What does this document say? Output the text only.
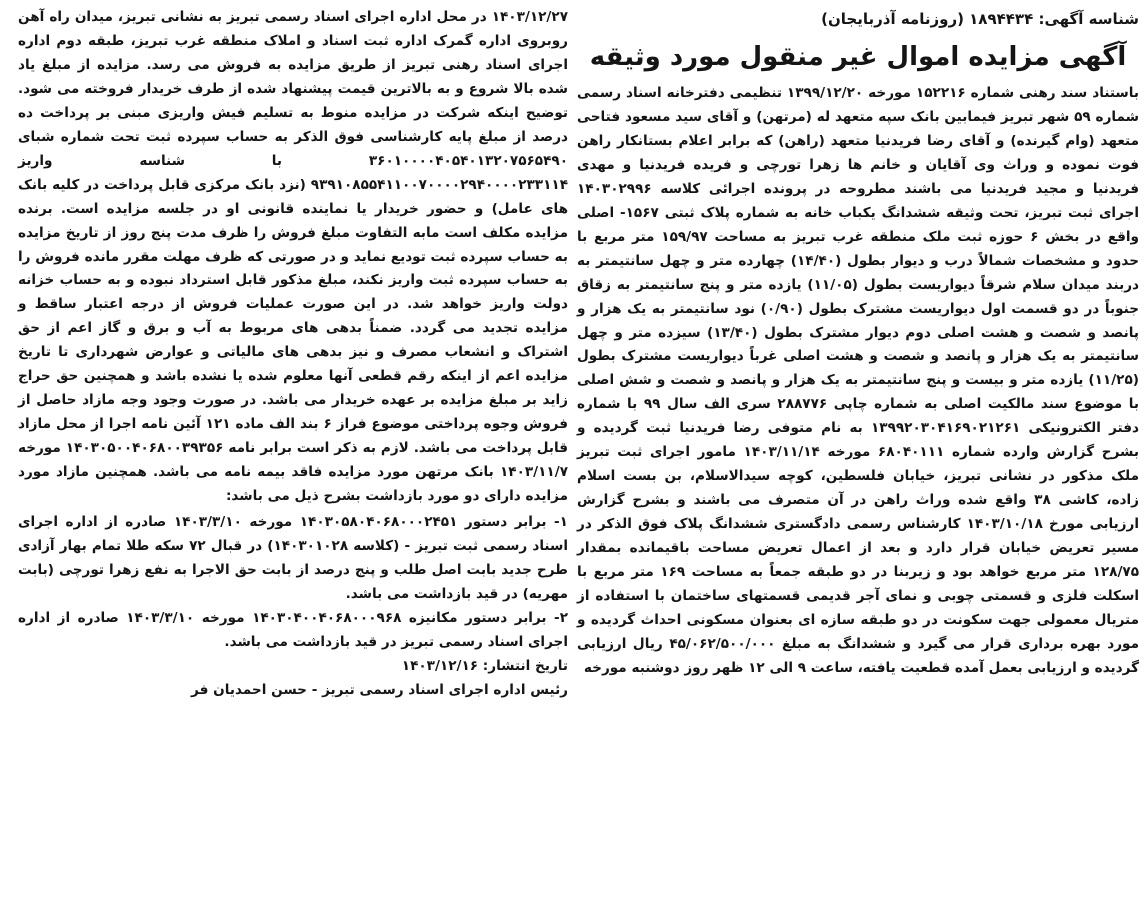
شناسه آگهی: ۱۸۹۴۴۳۴ (روزنامه آذربایجان)

آگهی مزایده اموال غیر منقول مورد وثیقه

باستناد سند رهنی شماره ۱۵۲۲۱۶ مورخه ۱۳۹۹/۱۲/۲۰ تنظیمی دفترخانه اسناد رسمی شماره ۵۹ شهر تبریز فیمابین بانک سپه متعهد له (مرتهن) و آقای سید مسعود فتاحی متعهد (وام گیرنده) و آقای رضا فریدنیا متعهد (راهن) که برابر اعلام بستانکار راهن فوت نموده و وراث وی آقایان و خانم ها زهرا تورچی و فریده فریدنیا و مهدی فریدنیا و مجید فریدنیا می باشند مطروحه در پرونده اجرائی کلاسه ۱۴۰۳۰۲۹۹۶ اجرای ثبت تبریز، تحت وثیقه ششدانگ یکباب خانه به شماره پلاک ثبتی ۱۵۶۷- اصلی واقع در بخش ۶ حوزه ثبت ملک منطقه غرب تبریز به مساحت ۱۵۹/۹۷ متر مربع با حدود و مشخصات شمالاً درب و دیوار بطول (۱۴/۴۰) چهارده متر و چهل سانتیمتر به دربند میدان سلام شرقاً دیواریست بطول (۱۱/۰۵) یازده متر و پنج سانتیمتر به زقاق جنوباً در دو قسمت اول دیواریست مشترک بطول (۰/۹۰) نود سانتیمتر به یک هزار و پانصد و شصت و هشت اصلی دوم دیوار مشترک بطول (۱۳/۴۰) سیزده متر و چهل سانتیمتر به یک هزار و پانصد و شصت و هشت اصلی غرباً دیواریست مشترک بطول (۱۱/۲۵) یازده متر و بیست و پنج سانتیمتر به یک هزار و پانصد و شصت و شش اصلی با موضوع سند مالکیت اصلی به شماره چاپی ۲۸۸۷۷۶ سری الف سال ۹۹ با شماره دفتر الکترونیکی ۱۳۹۹۲۰۳۰۴۱۶۹۰۲۱۲۶۱ به نام متوفی رضا فریدنیا ثبت گردیده و بشرح گزارش وارده شماره ۶۸۰۴۰۱۱۱ مورخه ۱۴۰۳/۱۱/۱۴ مامور اجرای ثبت تبریز ملک مذکور در نشانی تبریز، خیابان فلسطین، کوچه سیدالاسلام، بن بست اسلام زاده، کاشی ۳۸ واقع شده وراث راهن در آن متصرف می باشند و بشرح گزارش ارزیابی مورخ ۱۴۰۳/۱۰/۱۸ کارشناس رسمی دادگستری ششدانگ پلاک فوق الذکر در مسیر تعریض خیابان قرار دارد و بعد از اعمال تعریض مساحت باقیمانده بمقدار ۱۲۸/۷۵ متر مربع خواهد بود و زیربنا در دو طبقه جمعاً به مساحت ۱۶۹ متر مربع با اسکلت فلزی و قسمتی چوبی و نمای آجر قدیمی قسمتهای ساختمان با استفاده از متریال معمولی جهت سکونت در دو طبقه سازه ای بعنوان مسکونی احداث گردیده و مورد بهره برداری قرار می گیرد و ششدانگ به مبلغ ۴۵/۰۶۲/۵۰۰/۰۰۰ ریال ارزیابی گردیده و ارزیابی بعمل آمده قطعیت یافته، ساعت ۹ الی ۱۲ ظهر روز دوشنبه مورخه

۱۴۰۳/۱۲/۲۷ در محل اداره اجرای اسناد رسمی تبریز به نشانی تبریز، میدان راه آهن روبروی اداره گمرک اداره ثبت اسناد و املاک منطقه غرب تبریز، طبقه دوم اداره اجرای اسناد رهنی تبریز از طریق مزایده به فروش می رسد. مزایده از مبلغ یاد شده بالا شروع و به بالاترین قیمت پیشنهاد شده از طرف خریدار فروخته می شود. توضیح اینکه شرکت در مزایده منوط به تسلیم فیش واریزی مبنی بر پرداخت ده درصد از مبلغ پایه کارشناسی فوق الذکر به حساب سپرده ثبت تحت شماره شبای ۳۶۰۱۰۰۰۰۴۰۵۴۰۱۳۲۰۷۵۶۵۴۹۰ با شناسه واریز ۹۳۹۱۰۸۵۵۴۱۱۰۰۷۰۰۰۰۲۹۴۰۰۰۰۲۳۳۱۱۴ (نزد بانک مرکزی قابل پرداخت در کلیه بانک های عامل) و حضور خریدار یا نماینده قانونی او در جلسه مزایده است. برنده مزایده مکلف است مابه التفاوت مبلغ فروش را ظرف مدت پنج روز از تاریخ مزایده به حساب سپرده ثبت تودیع نماید و در صورتی که ظرف مهلت مقرر مانده فروش را به حساب سپرده ثبت واریز نکند، مبلغ مذکور قابل استرداد نبوده و به حساب خزانه دولت واریز خواهد شد. در این صورت عملیات فروش از درجه اعتبار ساقط و مزایده تجدید می گردد. ضمناً بدهی های مربوط به آب و برق و گاز اعم از حق اشتراک و انشعاب مصرف و نیز بدهی های مالیاتی و عوارض شهرداری تا تاریخ مزایده اعم از اینکه رقم قطعی آنها معلوم شده یا نشده باشد و همچنین حق حراج زاید بر مبلغ مزایده بر عهده خریدار می باشد. در صورت وجود وجه مازاد حاصل از فروش وجوه پرداختی موضوع فراز ۶ بند الف ماده ۱۲۱ آئین نامه اجرا از محل مازاد قابل پرداخت می باشد. لازم به ذکر است برابر نامه ۱۴۰۳۰۵۰۰۴۰۶۸۰۰۳۹۳۵۶ مورخه ۱۴۰۳/۱۱/۷ بانک مرتهن مورد مزایده فاقد بیمه نامه می باشد. همچنین مازاد مورد مزایده دارای دو مورد بازداشت بشرح ذیل می باشد:

۱- برابر دستور ۱۴۰۳۰۵۸۰۴۰۶۸۰۰۰۲۴۵۱ مورخه ۱۴۰۳/۳/۱۰ صادره از اداره اجرای اسناد رسمی ثبت تبریز - (کلاسه ۱۴۰۳۰۱۰۲۸) در قبال ۷۲ سکه طلا تمام بهار آزادی طرح جدید بابت اصل طلب و پنج درصد از بابت حق الاجرا به نفع زهرا تورچی (بابت مهریه) در قید بازداشت می باشد.

۲- برابر دستور مکانیزه ۱۴۰۳۰۴۰۰۴۰۶۸۰۰۰۹۶۸ مورخه ۱۴۰۳/۳/۱۰ صادره از اداره اجرای اسناد رسمی تبریز در قید بازداشت می باشد.

تاریخ انتشار: ۱۴۰۳/۱۲/۱۶

رئیس اداره اجرای اسناد رسمی تبریز - حسن احمدیان فر
